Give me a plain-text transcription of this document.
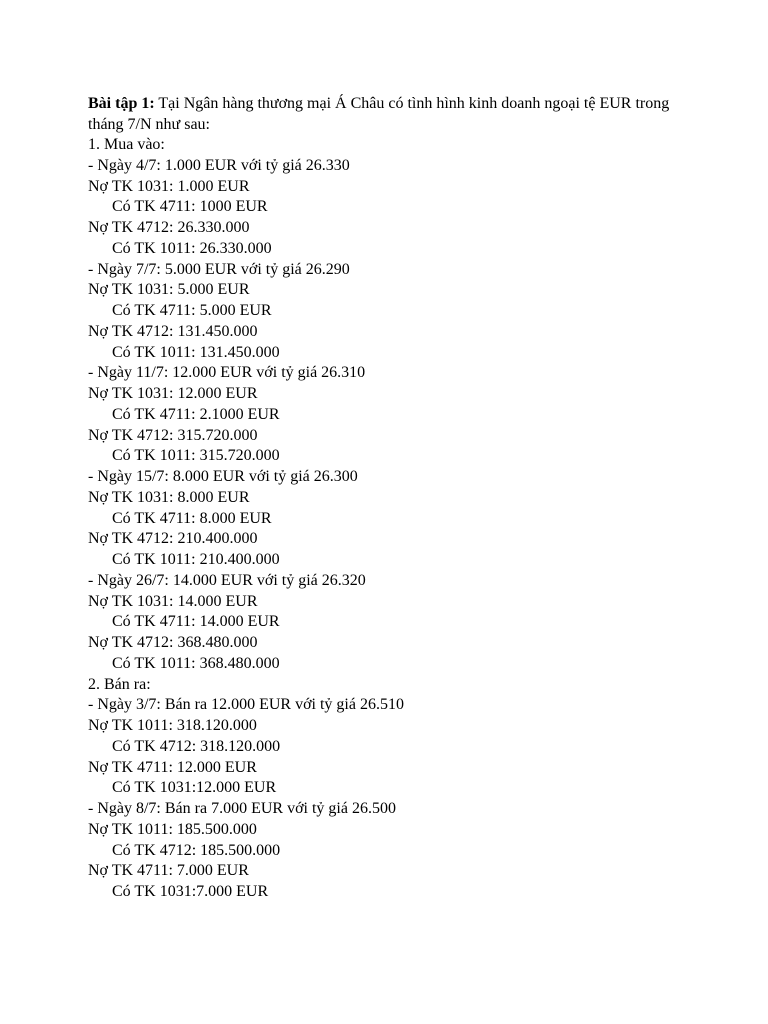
Bài tập 1: Tại Ngân hàng thương mại Á Châu có tình hình kinh doanh ngoại tệ EUR trong tháng 7/N như sau:

1. Mua vào:
- Ngày 4/7: 1.000 EUR với tỷ giá 26.330
Nợ TK 1031: 1.000 EUR
Có TK 4711: 1000 EUR
Nợ TK 4712: 26.330.000
Có TK 1011: 26.330.000
- Ngày 7/7: 5.000 EUR với tỷ giá 26.290
Nợ TK 1031: 5.000 EUR
Có TK 4711: 5.000 EUR
Nợ TK 4712: 131.450.000
Có TK 1011: 131.450.000
- Ngày 11/7: 12.000 EUR với tỷ giá 26.310
Nợ TK 1031: 12.000 EUR
Có TK 4711: 2.1000 EUR
Nợ TK 4712: 315.720.000
Có TK 1011: 315.720.000
- Ngày 15/7: 8.000 EUR với tỷ giá 26.300
Nợ TK 1031: 8.000 EUR
Có TK 4711: 8.000 EUR
Nợ TK 4712: 210.400.000
Có TK 1011: 210.400.000
- Ngày 26/7: 14.000 EUR với tỷ giá 26.320
Nợ TK 1031: 14.000 EUR
Có TK 4711: 14.000 EUR
Nợ TK 4712: 368.480.000
Có TK 1011: 368.480.000
2. Bán ra:
- Ngày 3/7: Bán ra 12.000 EUR với tỷ giá 26.510
Nợ TK 1011: 318.120.000
Có TK 4712: 318.120.000
Nợ TK 4711: 12.000 EUR
Có TK 1031:12.000 EUR
- Ngày 8/7: Bán ra 7.000 EUR với tỷ giá 26.500
Nợ TK 1011: 185.500.000
Có TK 4712: 185.500.000
Nợ TK 4711: 7.000 EUR
Có TK 1031:7.000 EUR
